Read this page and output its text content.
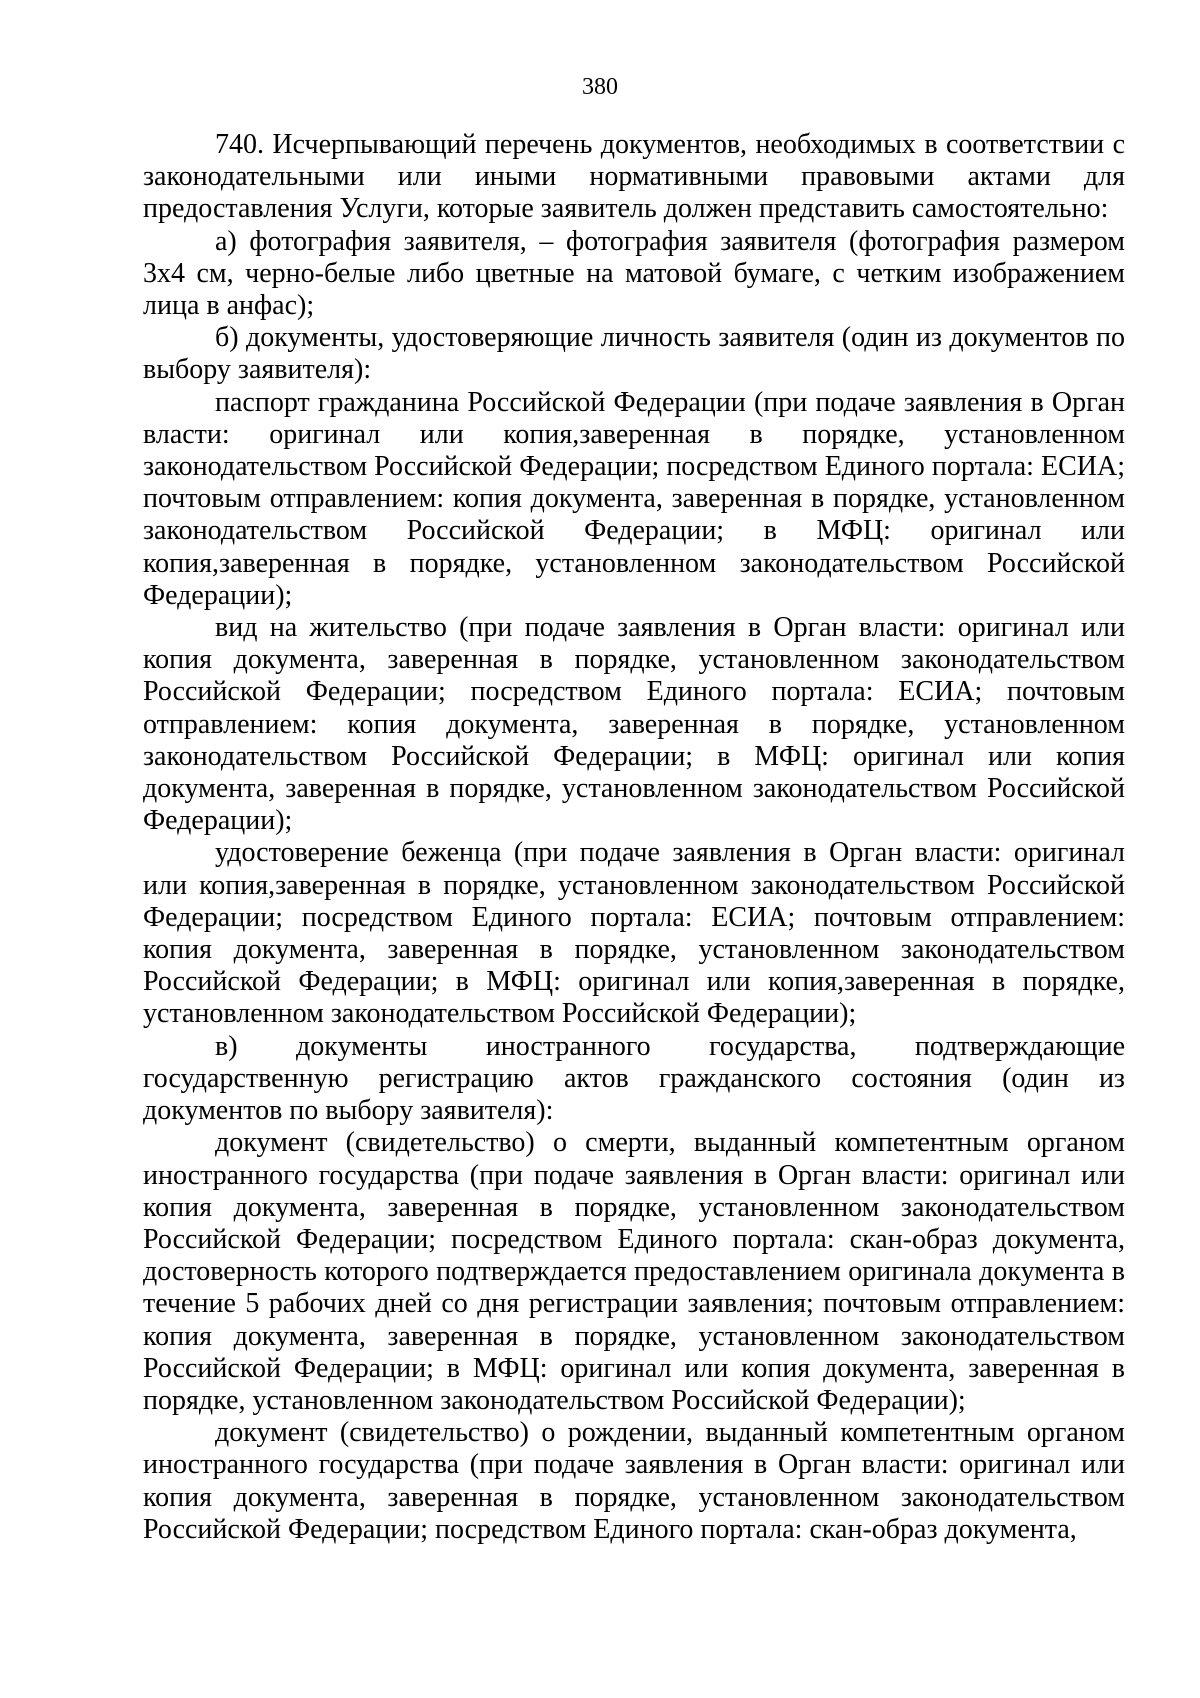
380

740. Исчерпывающий перечень документов, необходимых в соответствии с законодательными или иными нормативными правовыми актами для предоставления Услуги, которые заявитель должен представить самостоятельно:

а) фотография заявителя, – фотография заявителя (фотография размером 3x4 см, черно-белые либо цветные на матовой бумаге, с четким изображением лица в анфас);

б) документы, удостоверяющие личность заявителя (один из документов по выбору заявителя):

паспорт гражданина Российской Федерации (при подаче заявления в Орган власти: оригинал или копия,заверенная в порядке, установленном законодательством Российской Федерации; посредством Единого портала: ЕСИА; почтовым отправлением: копия документа, заверенная в порядке, установленном законодательством Российской Федерации; в МФЦ: оригинал или копия,заверенная в порядке, установленном законодательством Российской Федерации);

вид на жительство (при подаче заявления в Орган власти: оригинал или копия документа, заверенная в порядке, установленном законодательством Российской Федерации; посредством Единого портала: ЕСИА; почтовым отправлением: копия документа, заверенная в порядке, установленном законодательством Российской Федерации; в МФЦ: оригинал или копия документа, заверенная в порядке, установленном законодательством Российской Федерации);

удостоверение беженца (при подаче заявления в Орган власти: оригинал или копия,заверенная в порядке, установленном законодательством Российской Федерации; посредством Единого портала: ЕСИА; почтовым отправлением: копия документа, заверенная в порядке, установленном законодательством Российской Федерации; в МФЦ: оригинал или копия,заверенная в порядке, установленном законодательством Российской Федерации);

в) документы иностранного государства, подтверждающие государственную регистрацию актов гражданского состояния (один из документов по выбору заявителя):

документ (свидетельство) о смерти, выданный компетентным органом иностранного государства (при подаче заявления в Орган власти: оригинал или копия документа, заверенная в порядке, установленном законодательством Российской Федерации; посредством Единого портала: скан-образ документа, достоверность которого подтверждается предоставлением оригинала документа в течение 5 рабочих дней со дня регистрации заявления; почтовым отправлением: копия документа, заверенная в порядке, установленном законодательством Российской Федерации; в МФЦ: оригинал или копия документа, заверенная в порядке, установленном законодательством Российской Федерации);

документ (свидетельство) о рождении, выданный компетентным органом иностранного государства (при подаче заявления в Орган власти: оригинал или копия документа, заверенная в порядке, установленном законодательством Российской Федерации; посредством Единого портала: скан-образ документа,
